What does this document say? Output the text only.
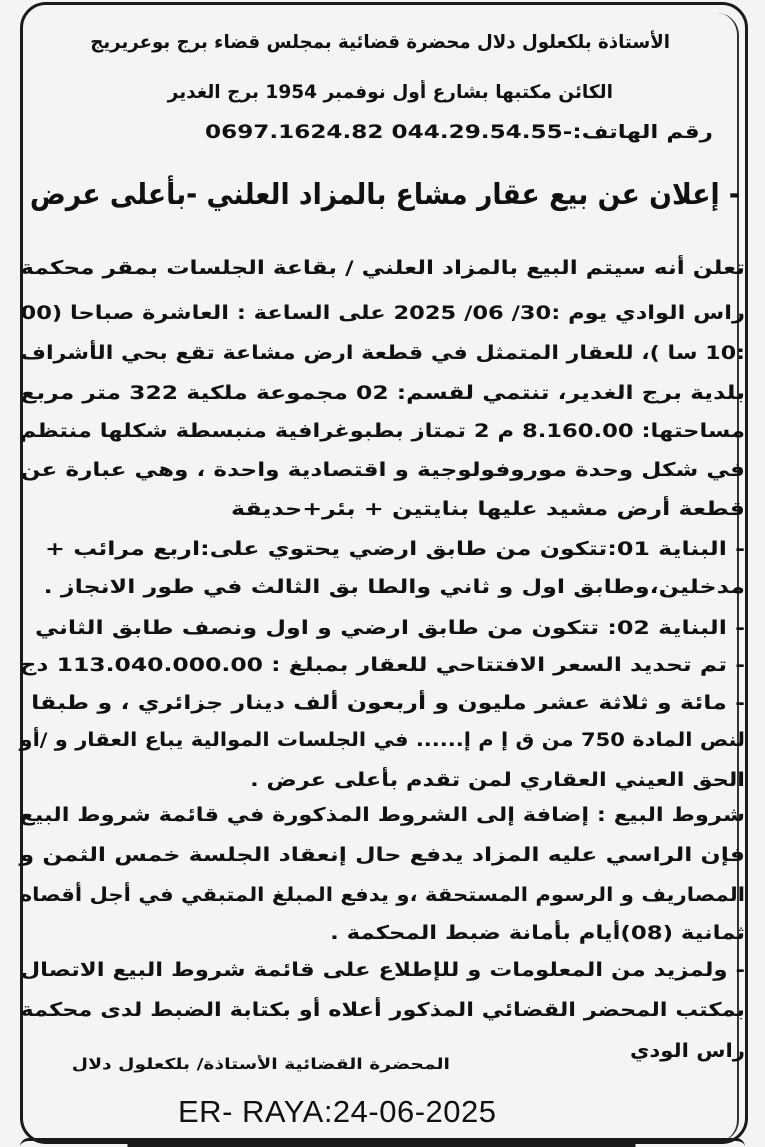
الأستاذة بلكعلول دلال محضرة قضائية بمجلس قضاء برج بوعريريج
الكائن مكتبها بشارع أول نوفمبر 1954 برج الغدير
رقم الهاتف:-044.29.54.55 0697.1624.82
- إعلان عن بيع عقار مشاع بالمزاد العلني -بأعلى عرض
تعلن أنه سيتم البيع بالمزاد العلني / بقاعة الجلسات بمقر محكمة
راس الوادي يوم :30/ 06/ 2025 على الساعة : العاشرة صباحا (00
:10 سا )، للعقار المتمثل في قطعة ارض مشاعة تقع بحي الأشراف
بلدية برج الغدير، تنتمي لقسم: 02 مجموعة ملكية 322 متر مربع
مساحتها: 8.160.00 م 2 تمتاز بطبوغرافية منبسطة شكلها منتظم
في شكل وحدة موروفولوجية و اقتصادية واحدة ، وهي عبارة عن
قطعة أرض مشيد عليها بنايتين + بئر+حديقة
- البناية 01:تتكون من طابق ارضي يحتوي على:اربع مرائب +
مدخلين،وطابق اول و ثاني والطا بق الثالث في طور الانجاز .
- البناية 02: تتكون من طابق ارضي و اول ونصف طابق الثاني
- تم تحديد السعر الافتتاحي للعقار بمبلغ : 113.040.000.00 دج
- مائة و ثلاثة عشر مليون و أربعون ألف دينار جزائري ، و طبقا
لنص المادة 750 من ق إ م إ...... في الجلسات الموالية يباع العقار و /أو
الحق العيني العقاري لمن تقدم بأعلى عرض .
شروط البيع : إضافة إلى الشروط المذكورة في قائمة شروط البيع
فإن الراسي عليه المزاد يدفع حال إنعقاد الجلسة خمس الثمن و
المصاريف و الرسوم المستحقة ،و يدفع المبلغ المتبقي في أجل أقصاه
ثمانية (08)أيام بأمانة ضبط المحكمة .
- ولمزيد من المعلومات و للإطلاع على قائمة شروط البيع الاتصال
بمكتب المحضر القضائي المذكور أعلاه أو بكتابة الضبط لدى محكمة
راس الودي
المحضرة القضائية الأستاذة/ بلكعلول دلال
ER- RAYA:24-06-2025
